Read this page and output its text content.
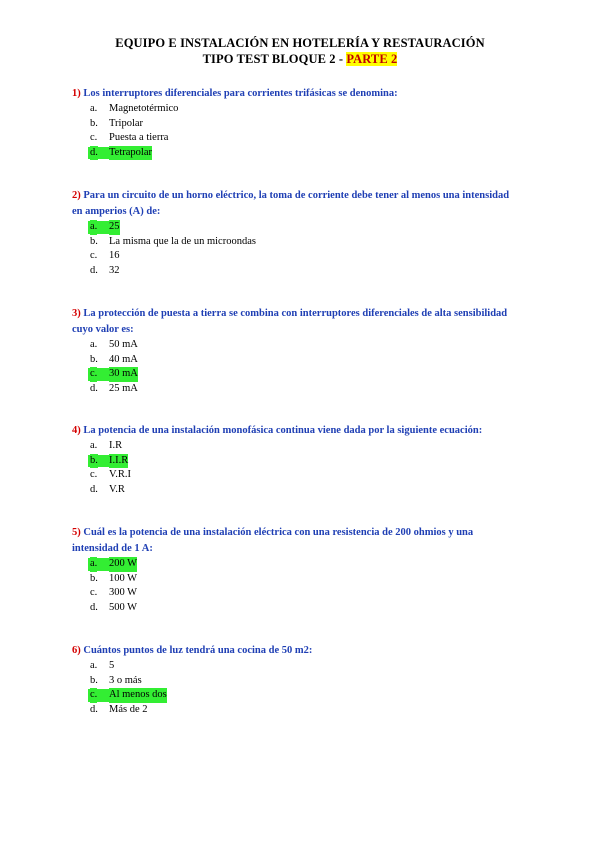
EQUIPO E INSTALACIÓN EN HOTELERÍA Y RESTAURACIÓN
TIPO TEST BLOQUE 2 - PARTE 2
1) Los interruptores diferenciales para corrientes trifásicas se denomina:
a. Magnetotérmico
b. Tripolar
c. Puesta a tierra
d. Tetrapolar
2) Para un circuito de un horno eléctrico, la toma de corriente debe tener al menos una intensidad en amperios (A) de:
a. 25
b. La misma que la de un microondas
c. 16
d. 32
3) La protección de puesta a tierra se combina con interruptores diferenciales de alta sensibilidad cuyo valor es:
a. 50 mA
b. 40 mA
c. 30 mA
d. 25 mA
4) La potencia de una instalación monofásica continua viene dada por la siguiente ecuación:
a. I.R
b. I.I.R
c. V.R.I
d. V.R
5) Cuál es la potencia de una instalación eléctrica con una resistencia de 200 ohmios y una intensidad de 1 A:
a. 200 W
b. 100 W
c. 300 W
d. 500 W
6) Cuántos puntos de luz tendrá una cocina de 50 m2:
a. 5
b. 3 o más
c. Al menos dos
d. Más de 2
